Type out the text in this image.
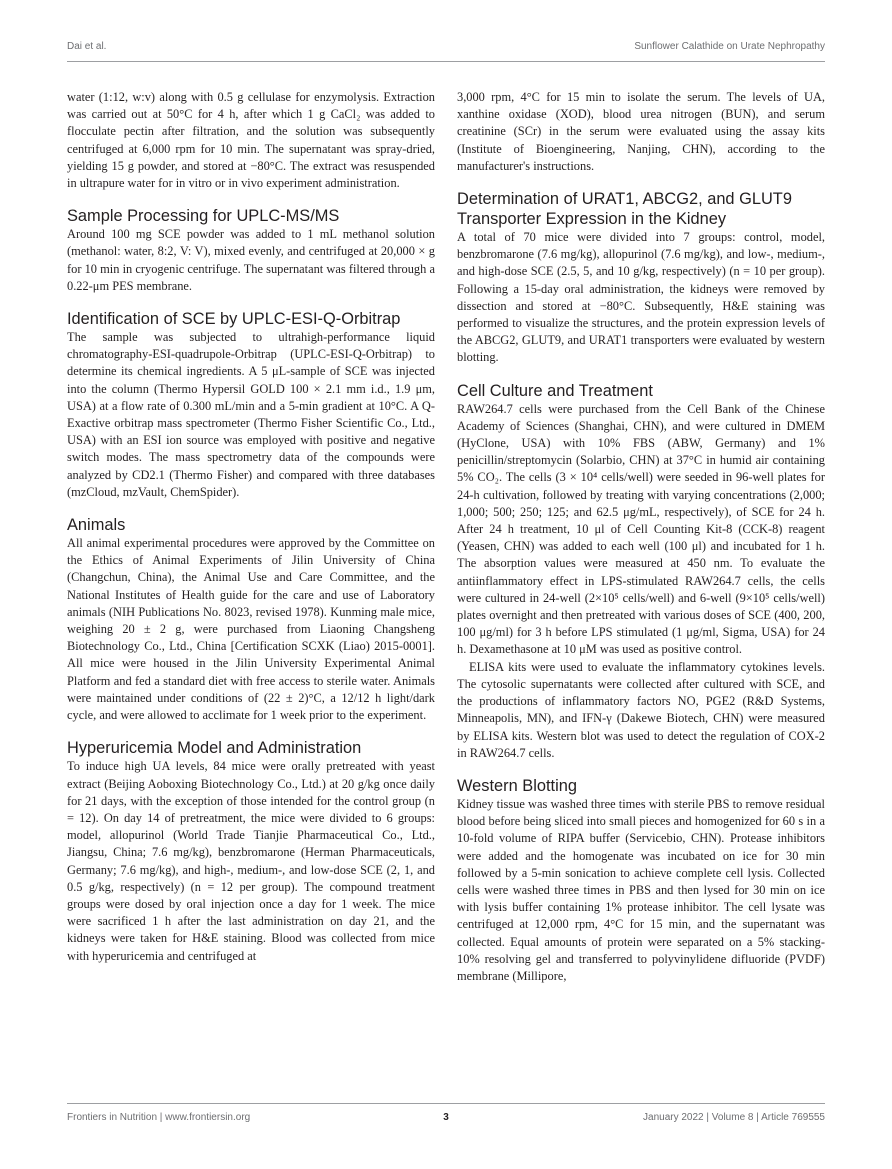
Dai et al.	Sunflower Calathide on Urate Nephropathy

water (1:12, w:v) along with 0.5 g cellulase for enzymolysis. Extraction was carried out at 50°C for 4 h, after which 1 g CaCl₂ was added to flocculate pectin after filtration, and the solution was subsequently centrifuged at 6,000 rpm for 10 min. The supernatant was spray-dried, yielding 15 g powder, and stored at −80°C. The extract was resuspended in ultrapure water for in vitro or in vivo experiment administration.

Sample Processing for UPLC-MS/MS

Around 100 mg SCE powder was added to 1 mL methanol solution (methanol: water, 8:2, V: V), mixed evenly, and centrifuged at 20,000 × g for 10 min in cryogenic centrifuge. The supernatant was filtered through a 0.22-μm PES membrane.

Identification of SCE by UPLC-ESI-Q-Orbitrap

The sample was subjected to ultrahigh-performance liquid chromatography-ESI-quadrupole-Orbitrap (UPLC-ESI-Q-Orbitrap) to determine its chemical ingredients. A 5 μL-sample of SCE was injected into the column (Thermo Hypersil GOLD 100 × 2.1 mm i.d., 1.9 μm, USA) at a flow rate of 0.300 mL/min and a 5-min gradient at 10°C. A Q-Exactive orbitrap mass spectrometer (Thermo Fisher Scientific Co., Ltd., USA) with an ESI ion source was employed with positive and negative switch modes. The mass spectrometry data of the compounds were analyzed by CD2.1 (Thermo Fisher) and compared with three databases (mzCloud, mzVault, ChemSpider).

Animals

All animal experimental procedures were approved by the Committee on the Ethics of Animal Experiments of Jilin University of China (Changchun, China), the Animal Use and Care Committee, and the National Institutes of Health guide for the care and use of Laboratory animals (NIH Publications No. 8023, revised 1978). Kunming male mice, weighing 20 ± 2 g, were purchased from Liaoning Changsheng Biotechnology Co., Ltd., China [Certification SCXK (Liao) 2015-0001]. All mice were housed in the Jilin University Experimental Animal Platform and fed a standard diet with free access to sterile water. Animals were maintained under conditions of (22 ± 2)°C, a 12/12 h light/dark cycle, and were allowed to acclimate for 1 week prior to the experiment.

Hyperuricemia Model and Administration

To induce high UA levels, 84 mice were orally pretreated with yeast extract (Beijing Aoboxing Biotechnology Co., Ltd.) at 20 g/kg once daily for 21 days, with the exception of those intended for the control group (n = 12). On day 14 of pretreatment, the mice were divided to 6 groups: model, allopurinol (World Trade Tianjie Pharmaceutical Co., Ltd., Jiangsu, China; 7.6 mg/kg), benzbromarone (Herman Pharmaceuticals, Germany; 7.6 mg/kg), and high-, medium-, and low-dose SCE (2, 1, and 0.5 g/kg, respectively) (n = 12 per group). The compound treatment groups were dosed by oral injection once a day for 1 week. The mice were sacrificed 1 h after the last administration on day 21, and the kidneys were taken for H&E staining. Blood was collected from mice with hyperuricemia and centrifuged at

3,000 rpm, 4°C for 15 min to isolate the serum. The levels of UA, xanthine oxidase (XOD), blood urea nitrogen (BUN), and serum creatinine (SCr) in the serum were evaluated using the assay kits (Institute of Bioengineering, Nanjing, CHN), according to the manufacturer's instructions.

Determination of URAT1, ABCG2, and GLUT9 Transporter Expression in the Kidney

A total of 70 mice were divided into 7 groups: control, model, benzbromarone (7.6 mg/kg), allopurinol (7.6 mg/kg), and low-, medium-, and high-dose SCE (2.5, 5, and 10 g/kg, respectively) (n = 10 per group). Following a 15-day oral administration, the kidneys were removed by dissection and stored at −80°C. Subsequently, H&E staining was performed to visualize the structures, and the protein expression levels of the ABCG2, GLUT9, and URAT1 transporters were evaluated by western blotting.

Cell Culture and Treatment

RAW264.7 cells were purchased from the Cell Bank of the Chinese Academy of Sciences (Shanghai, CHN), and were cultured in DMEM (HyClone, USA) with 10% FBS (ABW, Germany) and 1% penicillin/streptomycin (Solarbio, CHN) at 37°C in humid air containing 5% CO₂. The cells (3 × 10⁴ cells/well) were seeded in 96-well plates for 24-h cultivation, followed by treating with varying concentrations (2,000; 1,000; 500; 250; 125; and 62.5 μg/mL, respectively), of SCE for 24 h. After 24 h treatment, 10 μl of Cell Counting Kit-8 (CCK-8) reagent (Yeasen, CHN) was added to each well (100 μl) and incubated for 1 h. The absorption values were measured at 450 nm. To evaluate the antiinflammatory effect in LPS-stimulated RAW264.7 cells, the cells were cultured in 24-well (2×10⁵ cells/well) and 6-well (9×10⁵ cells/well) plates overnight and then pretreated with various doses of SCE (400, 200, 100 μg/ml) for 3 h before LPS stimulated (1 μg/ml, Sigma, USA) for 24 h. Dexamethasone at 10 μM was used as positive control.

ELISA kits were used to evaluate the inflammatory cytokines levels. The cytosolic supernatants were collected after cultured with SCE, and the productions of inflammatory factors NO, PGE2 (R&D Systems, Minneapolis, MN), and IFN-γ (Dakewe Biotech, CHN) were measured by ELISA kits. Western blot was used to detect the regulation of COX-2 in RAW264.7 cells.

Western Blotting

Kidney tissue was washed three times with sterile PBS to remove residual blood before being sliced into small pieces and homogenized for 60 s in a 10-fold volume of RIPA buffer (Servicebio, CHN). Protease inhibitors were added and the homogenate was incubated on ice for 30 min followed by a 5-min sonication to achieve complete cell lysis. Collected cells were washed three times in PBS and then lysed for 30 min on ice with lysis buffer containing 1% protease inhibitor. The cell lysate was centrifuged at 12,000 rpm, 4°C for 15 min, and the supernatant was collected. Equal amounts of protein were separated on a 5% stacking-10% resolving gel and transferred to polyvinylidene difluoride (PVDF) membrane (Millipore,

Frontiers in Nutrition | www.frontiersin.org	3	January 2022 | Volume 8 | Article 769555
